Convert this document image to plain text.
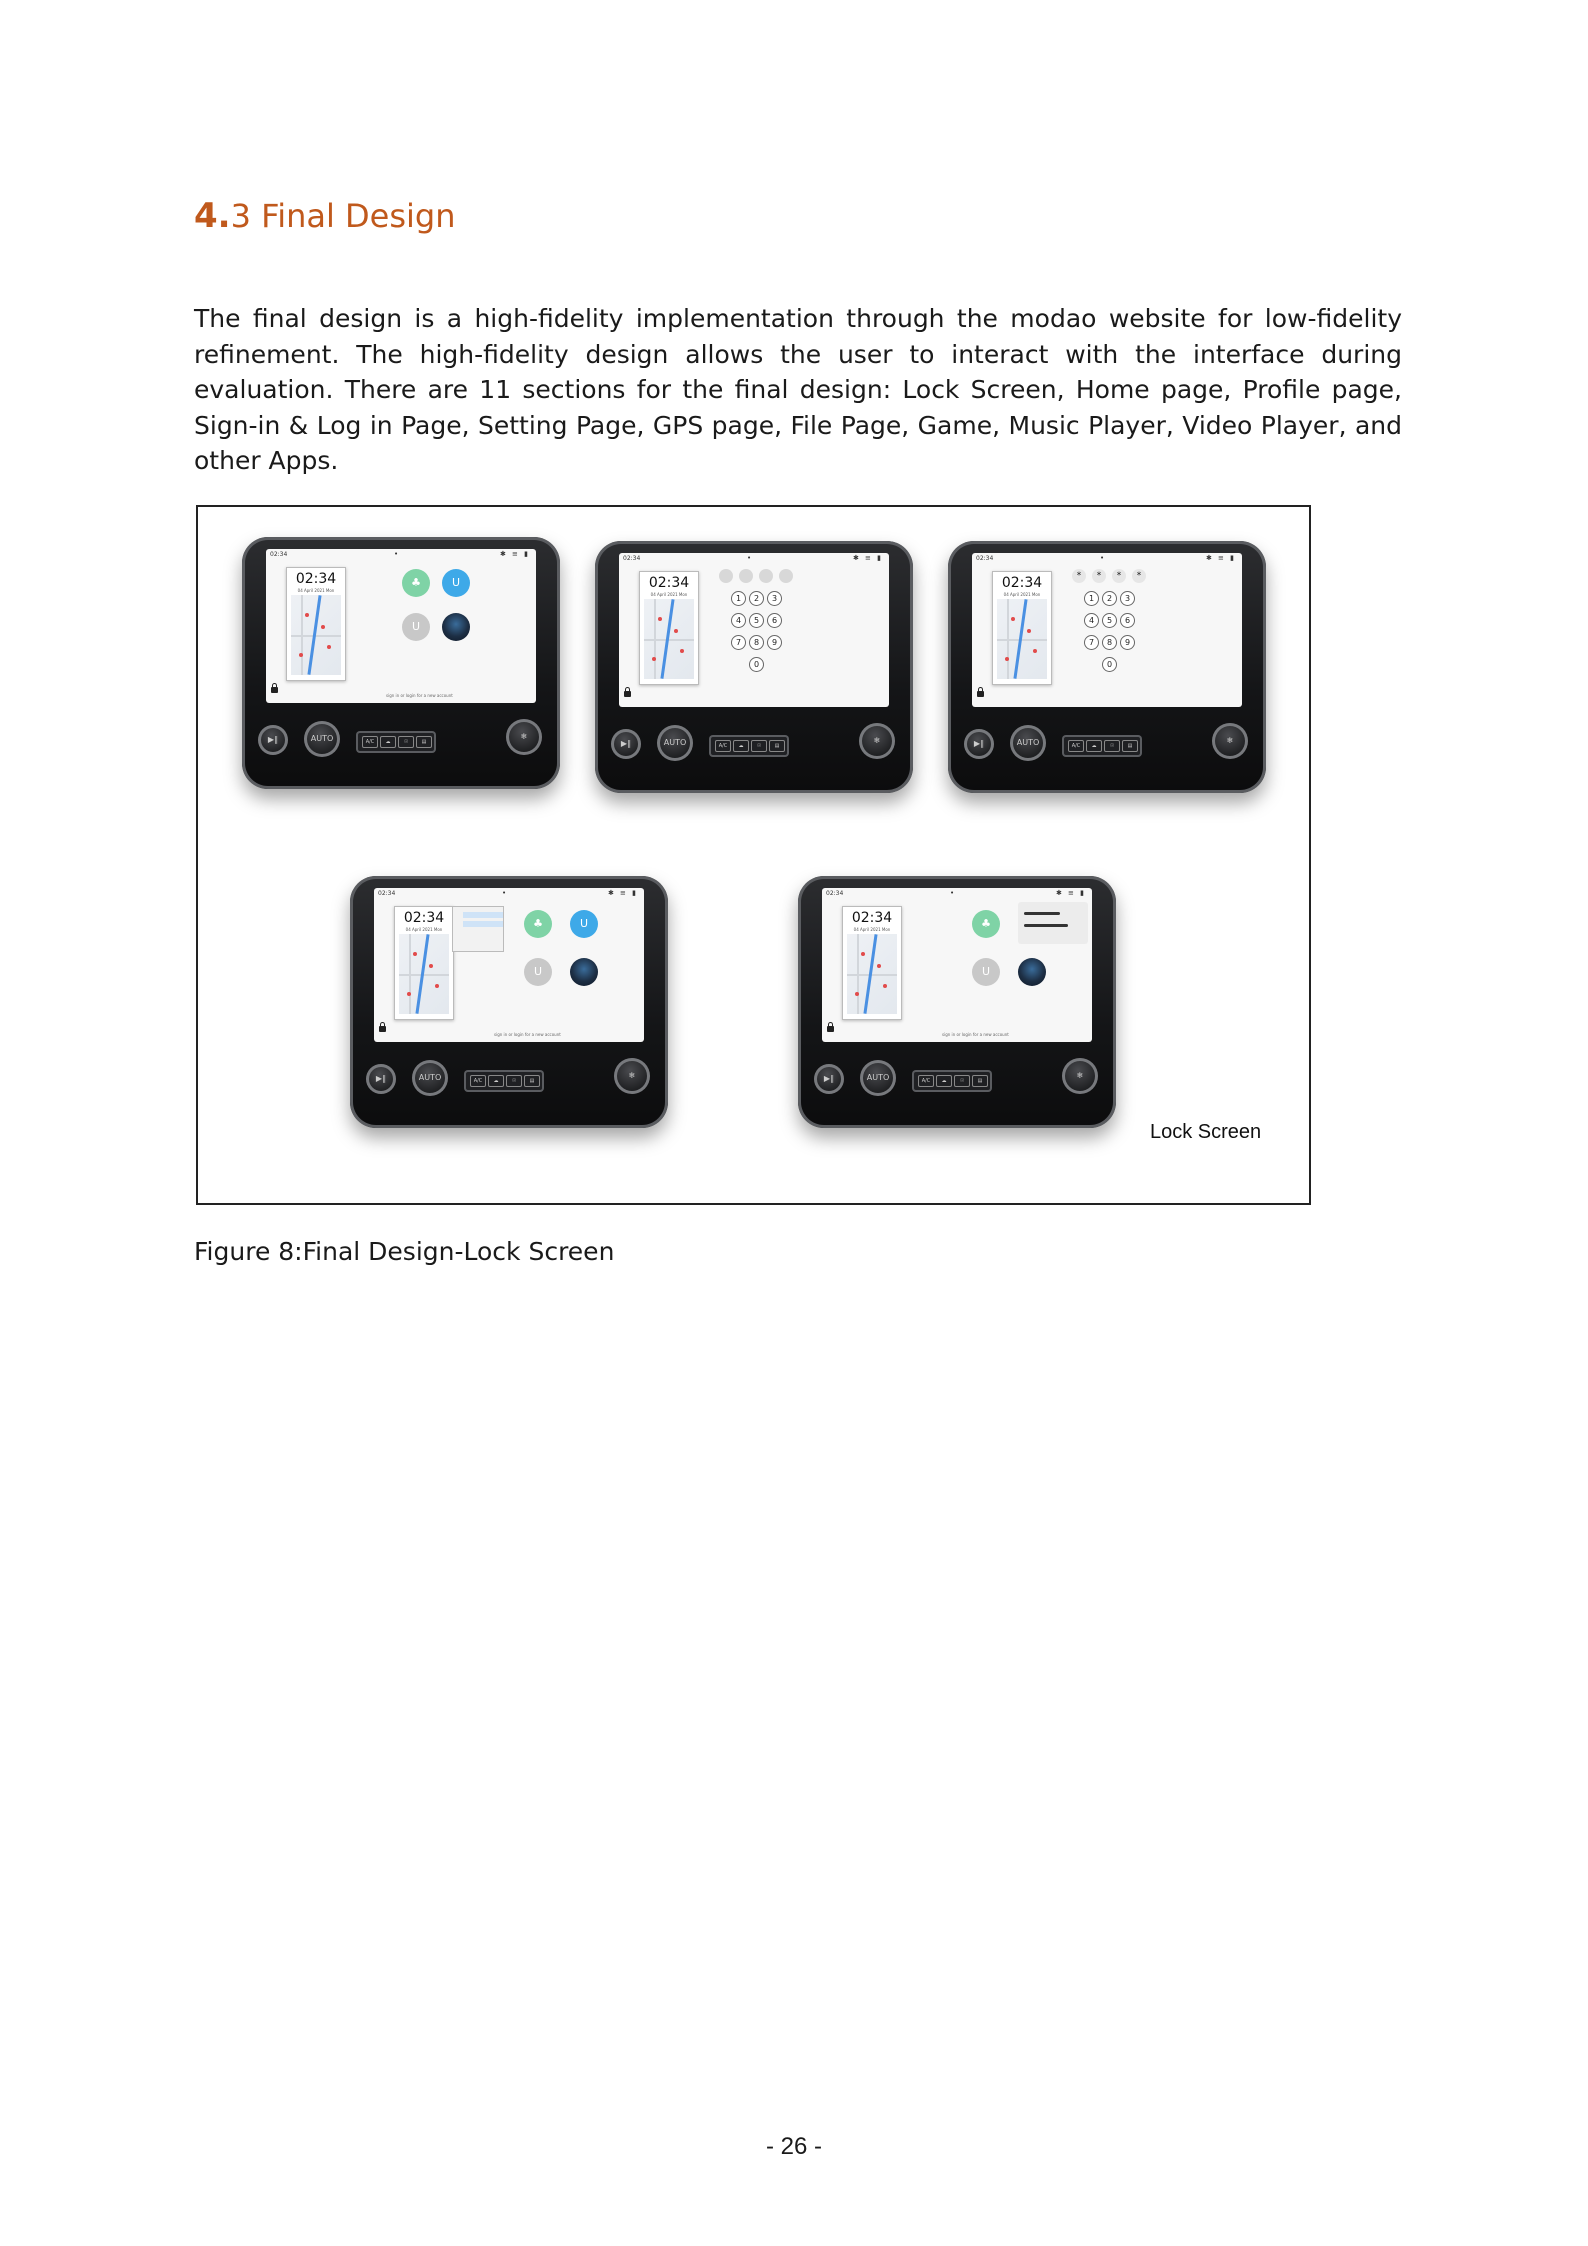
4.3 Final Design
The final design is a high-fidelity implementation through the modao website for low-fidelity refinement. The high-fidelity design allows the user to interact with the interface during evaluation. There are 11 sections for the final design: Lock Screen, Home page, Profile page, Sign-in & Log in Page, Setting Page, GPS page, File Page, Game, Music Player, Video Player, and other Apps.
02:34	•	✱ ≡ ▮
02:34
04 April 2021 Mon
sign in or login for a new account
♣	U
U
▶∥	AUTO	A/C	☁	☉	▤
❄
02:34	•	✱ ≡ ▮
02:34
04 April 2021 Mon	1	2	3
4	5	6
7	8	9
0
▶∥	AUTO	A/C	☁	☉	▤
❄
02:34	•	✱ ≡ ▮
02:34
04 April 2021 Mon
*	*	*	*
1	2	3
4	5	6
7	8	9
0
▶∥	AUTO	A/C	☁	☉	▤
❄
02:34	•	✱ ≡ ▮
02:34
04 April 2021 Mon
sign in or login for a new account
♣	U
U
▶∥	AUTO	A/C	☁	☉	▤
❄
02:34	•	✱ ≡ ▮
02:34
04 April 2021 Mon
sign in or login for a new account
♣
U
▶∥	AUTO	A/C	☁	☉	▤
❄
Lock Screen
Figure 8:Final Design-Lock Screen
- 26 -
